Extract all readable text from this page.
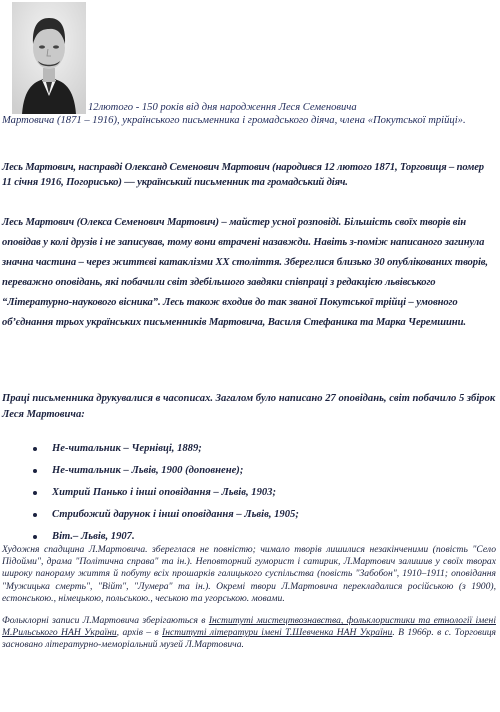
12лютого - 150 років від дня народження Леся Семеновича
Мартовича (1871 – 1916), українського письменника і громадського діяча, члена «Покутської трійці».
Лесь Мартович, насправді Олександ Семенович Мартович (народився 12 лютого 1871, Торговиця – помер 11 січня 1916, Погорисько) — український письменник та громадський діяч.
Лесь Мартович (Олекса Семенович Мартович) – майстер усної розповіді. Більшість своїх творів він оповідав у колі друзів і не записував, тому вони втрачені назавжди. Навіть з-поміж написаного загинула значна частина – через життєві катаклізми ХХ століття. Збереглися близько 30 опублікованих творів, переважно оповідань, які побачили світ здебільшого завдяки співпраці з редакцією львівського “Літературно-наукового вісника”. Лесь також входив до так званої Покутської трійці – умовного об’єднання трьох українських письменників Мартовича, Василя Стефаника та Марка Черемшини.
Праці письменника друкувалися в часописах. Загалом було написано 27 оповідань, світ побачило 5 збірок Леся Мартовича:
Не-читальник – Чернівці, 1889;
Не-читальник – Львів, 1900 (доповнене);
Хитрий Панько і інші оповідання – Львів, 1903;
Стрибожий дарунок і інші оповідання – Львів, 1905;
Віт.– Львів, 1907.
Художня спадщина Л.Мартовича. збереглася не повністю; чимало творів лишилися незакінченими (повість "Село Підойми", драма "Політична справа" та ін.). Неповторний гуморист і сатирик, Л.Мартович залишив у своїх творах широку панораму життя й побуту всіх прошарків галицького суспільства (повість "Забобон", 1910–1911; оповідання "Мужицька смерть", "Війт", "Лумера" та ін.). Окремі твори Л.Мартовича перекладалися російською (з 1900), естонською., німецькою, польською., чеською та угорською. мовами.
Фольклорні записи Л.Мартовича зберігаються в Інституті мистецтвознавства, фольклористики та етнології імені М.Рильського НАН України, архів – в Інституті літератури імені Т.Шевченка НАН України. В 1966р. в с. Торговиця засновано літературно-меморіальний музей Л.Мартовича.
